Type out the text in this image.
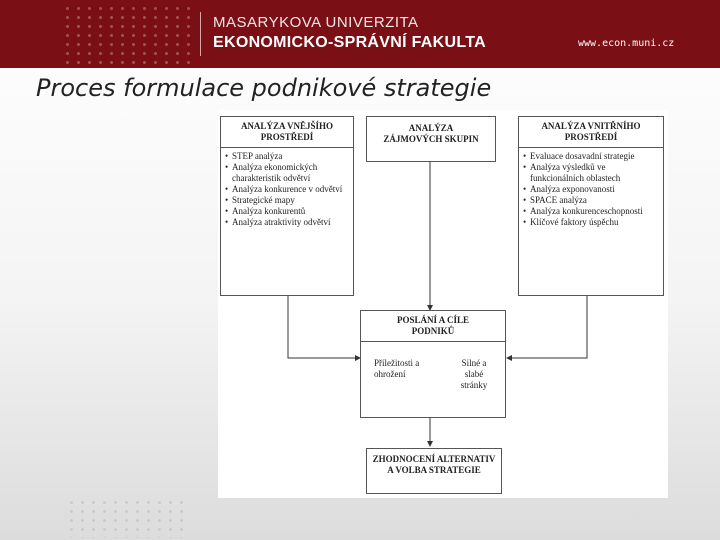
MASARYKOVA UNIVERZITA
EKONOMICKO-SPRÁVNÍ FAKULTA	www.econ.muni.cz
Proces formulace podnikové strategie
ANALÝZA VNĚJŠÍHO PROSTŘEDÍ
• STEP analýza
• Analýza ekonomických charakteristik odvětví
• Analýza konkurence v odvětví
• Strategické mapy
• Analýza konkurentů
• Analýza atraktivity odvětví
ANALÝZA ZÁJMOVÝCH SKUPIN
ANALÝZA VNITŘNÍHO PROSTŘEDÍ
• Evaluace dosavadní strategie
• Analýza výsledků ve funkcionálních oblastech
• Analýza exponovanosti
• SPACE analýza
• Analýza konkurenceschopnosti
• Klíčové faktory úspěchu
POSLÁNÍ A CÍLE PODNIKŮ
Příležitosti a ohrožení
Silné a slabé stránky
ZHODNOCENÍ ALTERNATIV A VOLBA STRATEGIE
